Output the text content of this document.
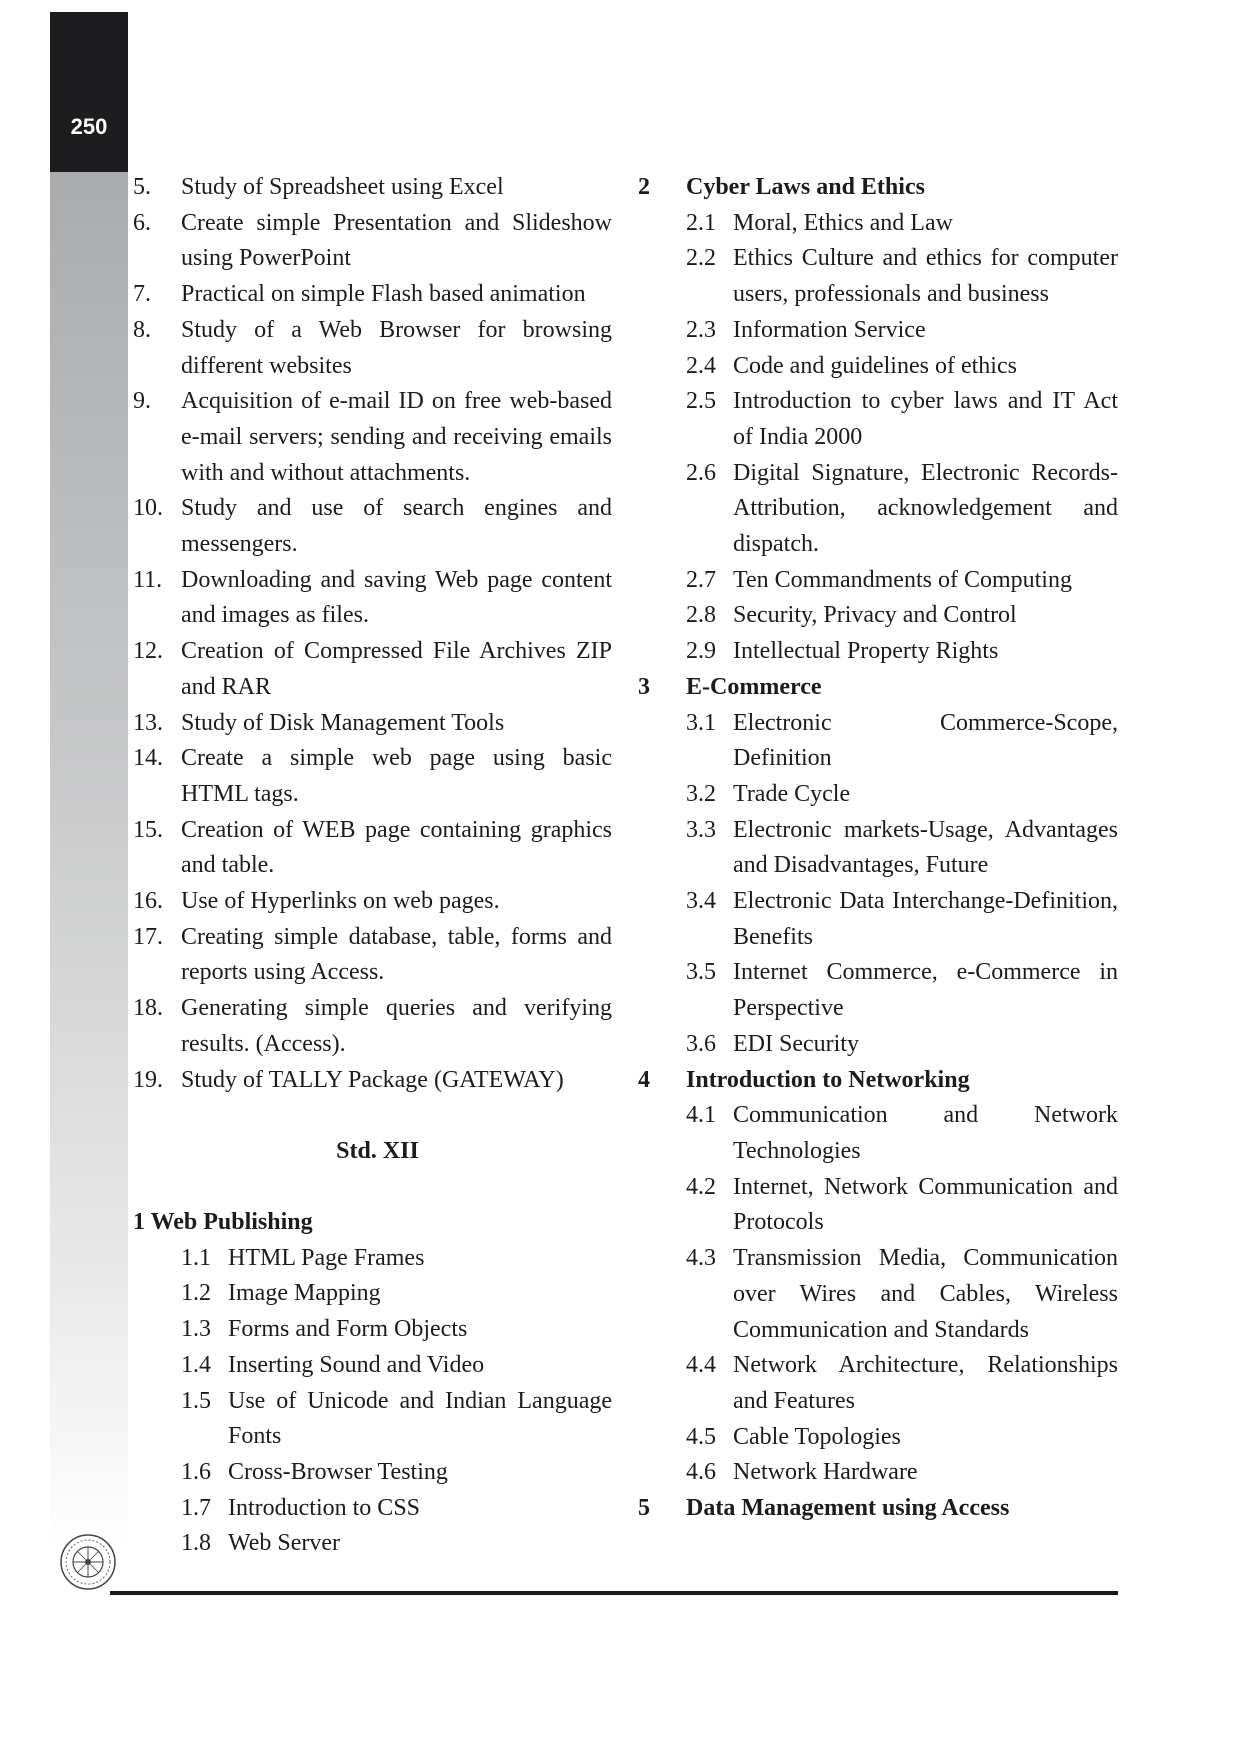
250
5.	Study of Spreadsheet using Excel
6.	Create simple Presentation and Slideshow using PowerPoint
7.	Practical on simple Flash based animation
8.	Study of a Web Browser for browsing different websites
9.	Acquisition of e-mail ID on free web-based e-mail servers; sending and receiving emails with and without attachments.
10. Study and use of search engines and messengers.
11. Downloading and saving Web page content and images as files.
12. Creation of Compressed File Archives ZIP and RAR
13. Study of Disk Management Tools
14. Create a simple web page using basic HTML tags.
15. Creation of WEB page containing graphics and table.
16. Use of Hyperlinks on web pages.
17. Creating simple database, table, forms and reports using Access.
18. Generating simple queries and verifying results. (Access).
19. Study of TALLY Package (GATEWAY)
Std. XII
1 Web Publishing
1.1 HTML Page Frames
1.2 Image Mapping
1.3 Forms and Form Objects
1.4 Inserting Sound and Video
1.5 Use of Unicode and Indian Language Fonts
1.6 Cross-Browser Testing
1.7 Introduction to CSS
1.8 Web Server
2	Cyber Laws and Ethics
2.1 Moral, Ethics and Law
2.2 Ethics Culture and ethics for computer users, professionals and business
2.3 Information Service
2.4 Code and guidelines of ethics
2.5 Introduction to cyber laws and IT Act of India 2000
2.6 Digital Signature, Electronic Records-Attribution, acknowledgement and dispatch.
2.7 Ten Commandments of Computing
2.8 Security, Privacy and Control
2.9 Intellectual Property Rights
3	E-Commerce
3.1 Electronic Commerce-Scope, Definition
3.2 Trade Cycle
3.3 Electronic markets-Usage, Advantages and Disadvantages, Future
3.4 Electronic Data Interchange-Definition, Benefits
3.5 Internet Commerce, e-Commerce in Perspective
3.6 EDI Security
4	Introduction to Networking
4.1 Communication and Network Technologies
4.2 Internet, Network Communication and Protocols
4.3 Transmission Media, Communication over Wires and Cables, Wireless Communication and Standards
4.4 Network Architecture, Relationships and Features
4.5 Cable Topologies
4.6 Network Hardware
5	Data Management using Access
